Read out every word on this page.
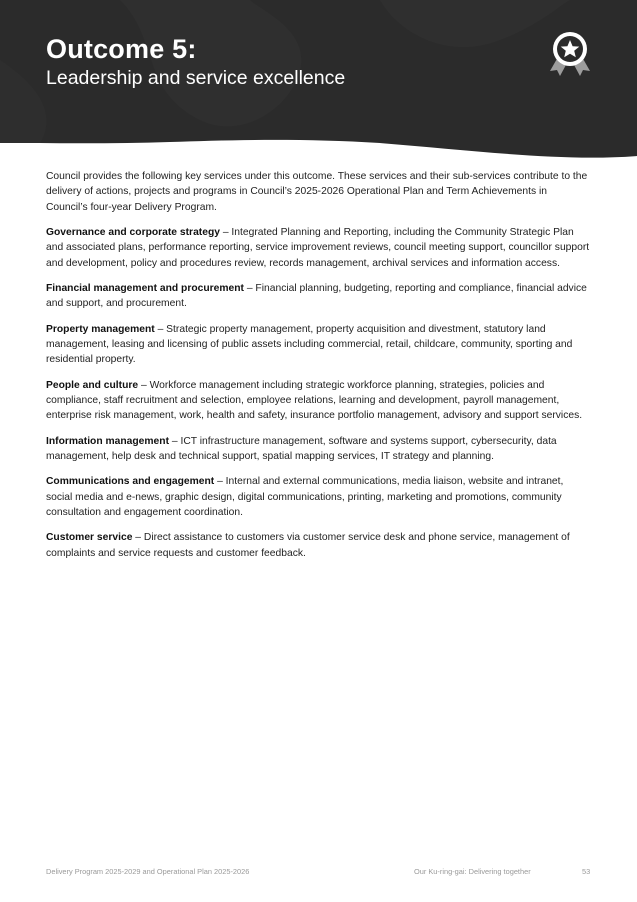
Outcome 5:
Leadership and service excellence

Council provides the following key services under this outcome. These services and their sub-services contribute to the delivery of actions, projects and programs in Council’s 2025-2026 Operational Plan and Term Achievements in Council’s four-year Delivery Program.

Governance and corporate strategy – Integrated Planning and Reporting, including the Community Strategic Plan and associated plans, performance reporting, service improvement reviews, council meeting support, councillor support and development, policy and procedures review, records management, archival services and information access.

Financial management and procurement – Financial planning, budgeting, reporting and compliance, financial advice and support, and procurement.

Property management – Strategic property management, property acquisition and divestment, statutory land management, leasing and licensing of public assets including commercial, retail, childcare, community, sporting and residential property.

People and culture – Workforce management including strategic workforce planning, strategies, policies and compliance, staff recruitment and selection, employee relations, learning and development, payroll management, enterprise risk management, work, health and safety, insurance portfolio management, advisory and support services.

Information management – ICT infrastructure management, software and systems support, cybersecurity, data management, help desk and technical support, spatial mapping services, IT strategy and planning.

Communications and engagement – Internal and external communications, media liaison, website and intranet, social media and e-news, graphic design, digital communications, printing, marketing and promotions, community consultation and engagement coordination.

Customer service – Direct assistance to customers via customer service desk and phone service, management of complaints and service requests and customer feedback.

Delivery Program 2025-2029 and Operational Plan 2025-2026	Our Ku-ring-gai: Delivering together	53
